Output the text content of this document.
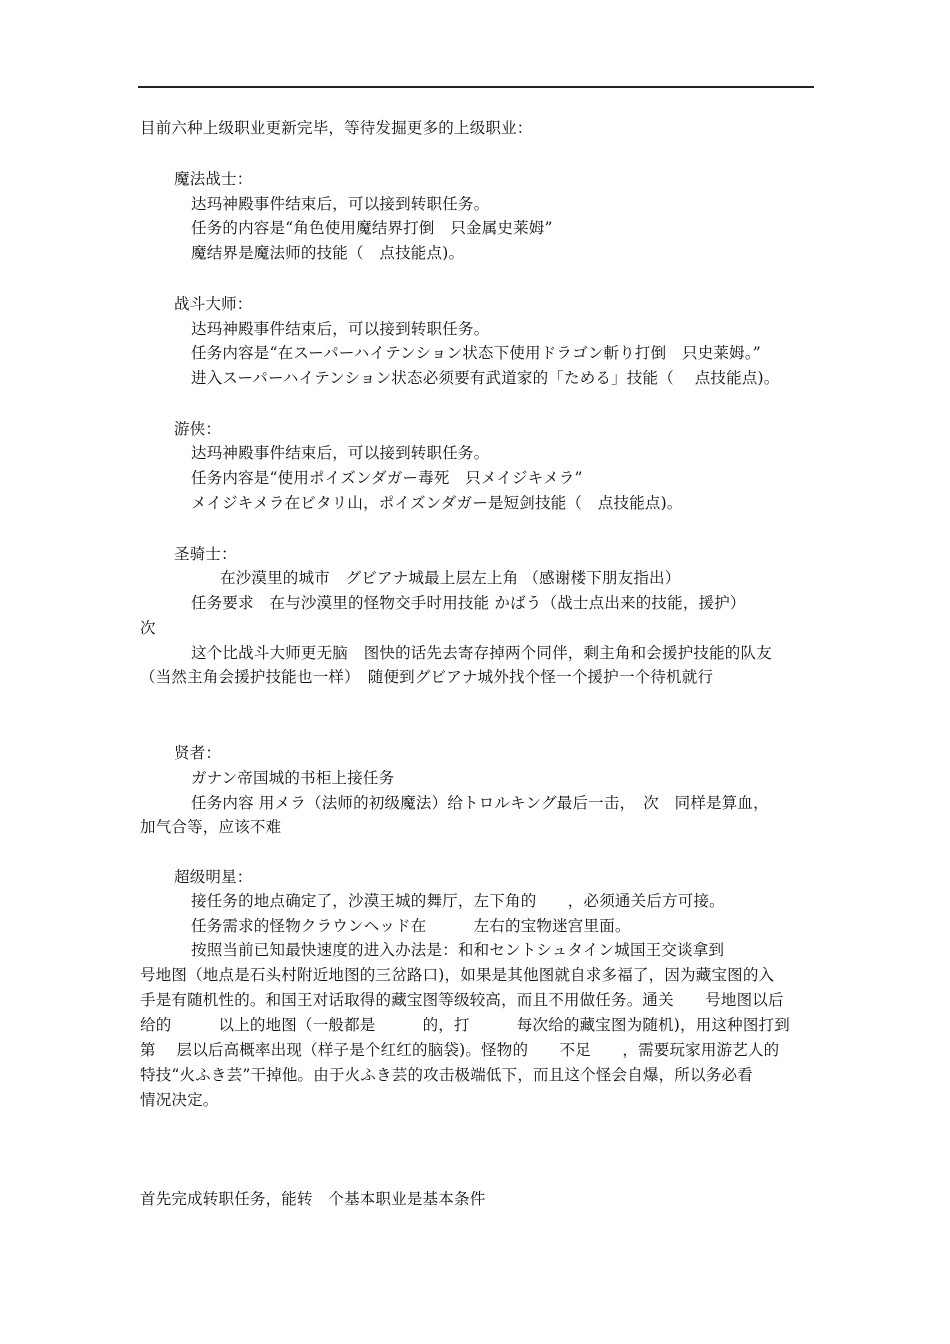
目前六种上级职业更新完毕，等待发掘更多的上级职业：
魔法战士：
达玛神殿事件结束后，可以接到转职任务。
任务的内容是“角色使用魔结界打倒　只金属史莱姆”
魔结界是魔法师的技能（　点技能点)。
战斗大师：
达玛神殿事件结束后，可以接到转职任务。
任务内容是“在スーパーハイテンション状态下使用ドラゴン斬り打倒　只史莱姆。”
进入スーパーハイテンション状态必须要有武道家的「ためる」技能（　 点技能点)。
游侠：
达玛神殿事件结束后，可以接到转职任务。
任务内容是“使用ポイズンダガー毒死　只メイジキメラ”
メイジキメラ在ビタリ山，ポイズンダガー是短剑技能（　点技能点)。
圣骑士：
在沙漠里的城市　グビアナ城最上层左上角 （感谢楼下朋友指出）
任务要求　在与沙漠里的怪物交手时用技能 かばう（战士点出来的技能，援护）
次
这个比战斗大师更无脑　图快的话先去寄存掉两个同伴，剩主角和会援护技能的队友
（当然主角会援护技能也一样）　随便到グビアナ城外找个怪一个援护一个待机就行
贤者：
ガナン帝国城的书柜上接任务
任务内容 用メラ（法师的初级魔法）给トロルキング最后一击，　次　同样是算血，
加气合等，应该不难
超级明星：
接任务的地点确定了，沙漠王城的舞厅，左下角的　　，必须通关后方可接。
任务需求的怪物クラウンヘッド在　　　左右的宝物迷宫里面。
按照当前已知最快速度的进入办法是：和和セントシュタイン城国王交谈拿到
号地图（地点是石头村附近地图的三岔路口)，如果是其他图就自求多福了，因为藏宝图的入
手是有随机性的。和国王对话取得的藏宝图等级较高，而且不用做任务。通关　　号地图以后
给的　　　以上的地图（一般都是　　　的，打　　　每次给的藏宝图为随机)，用这种图打到
第　 层以后高概率出现（样子是个红红的脑袋)。怪物的　　不足　　，需要玩家用游艺人的
特技“火ふき芸”干掉他。由于火ふき芸的攻击极端低下，而且这个怪会自爆，所以务必看
情况决定。
首先完成转职任务，能转　个基本职业是基本条件
